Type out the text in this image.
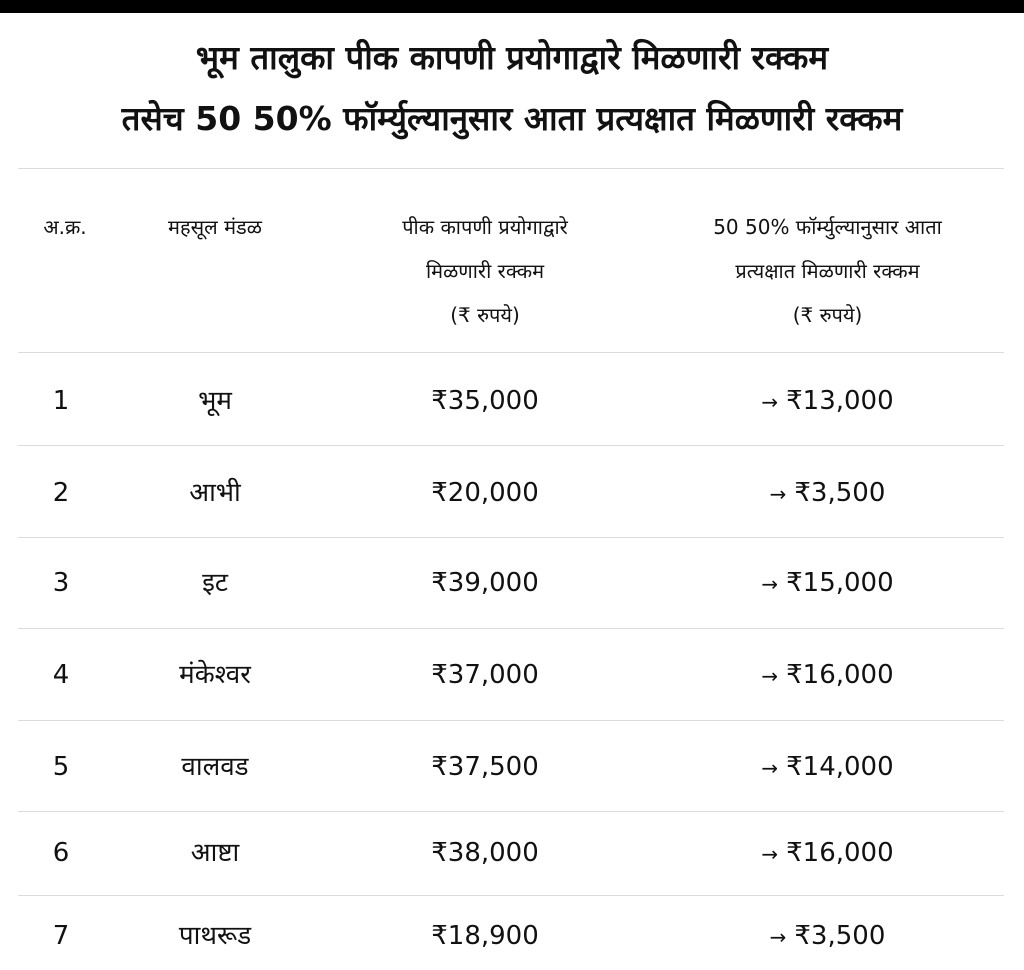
भूम तालुका पीक कापणी प्रयोगाद्वारे मिळणारी रक्कम
तसेच 50 50% फॉर्म्युल्यानुसार आता प्रत्यक्षात मिळणारी रक्कम
अ.क्र.	महसूल मंडळ	पीक कापणी प्रयोगाद्वारे
मिळणारी रक्कम
(₹ रुपये)
50 50% फॉर्म्युल्यानुसार आता
प्रत्यक्षात मिळणारी रक्कम
(₹ रुपये)
1	भूम	₹35,000	→ ₹13,000
2	आभी	₹20,000	→ ₹3,500
3	इट	₹39,000	→ ₹15,000
4	मंकेश्वर	₹37,000	→ ₹16,000
5	वालवड	₹37,500	→ ₹14,000
6	आष्टा	₹38,000	→ ₹16,000
7	पाथरूड	₹18,900	→ ₹3,500
